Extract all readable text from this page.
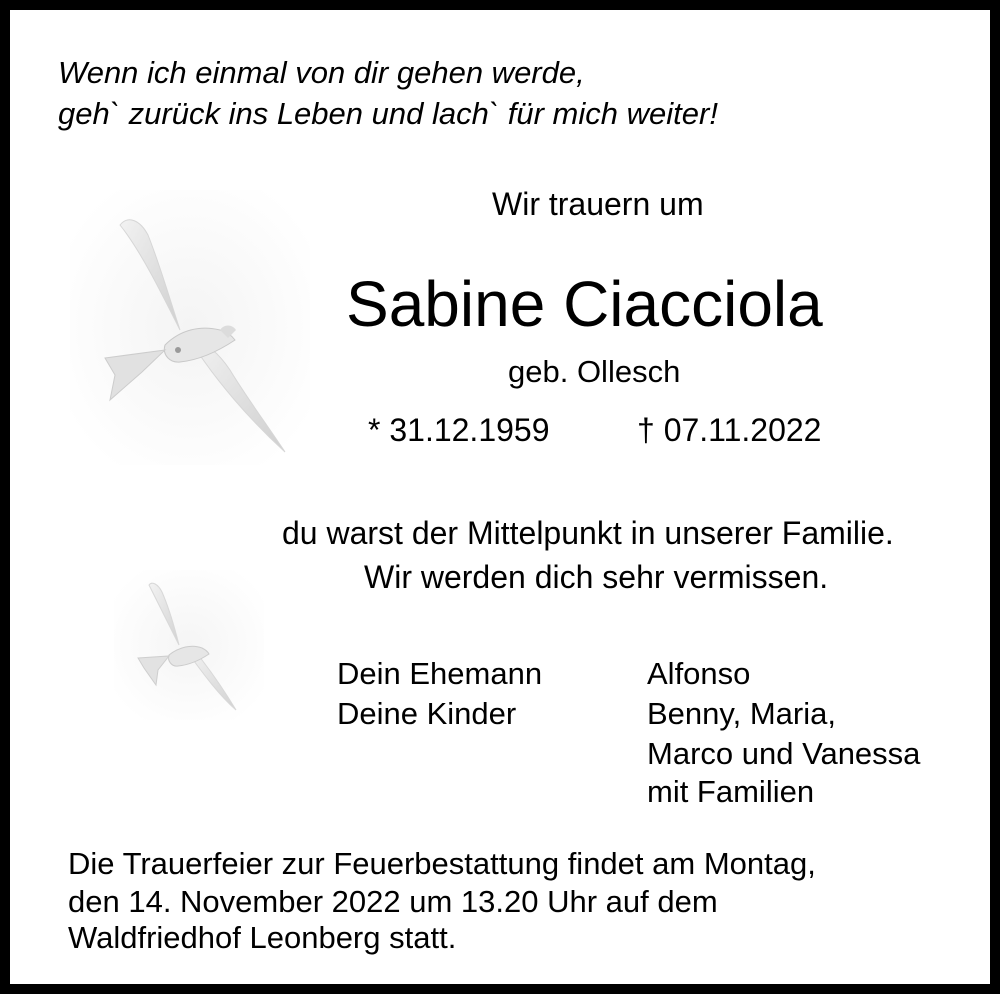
Wenn ich einmal von dir gehen werde,
geh` zurück ins Leben und lach` für mich weiter!
Wir trauern um
Sabine Ciacciola
geb. Ollesch
* 31.12.1959	† 07.11.2022
du warst der Mittelpunkt in unserer Familie.
Wir werden dich sehr vermissen.
Dein Ehemann
Deine Kinder
Alfonso
Benny, Maria,
Marco und Vanessa
mit Familien
Die Trauerfeier zur Feuerbestattung findet am Montag,
den 14. November 2022 um 13.20 Uhr auf dem
Waldfriedhof Leonberg statt.
